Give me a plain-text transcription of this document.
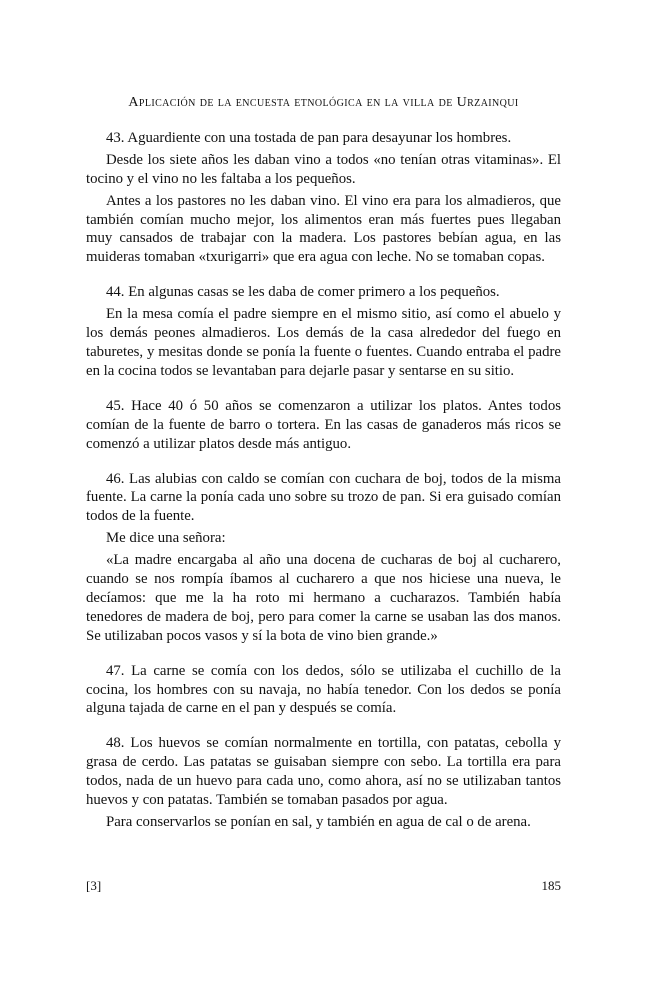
Aplicación de la encuesta etnológica en la villa de Urzainqui

43. Aguardiente con una tostada de pan para desayunar los hombres.

Desde los siete años les daban vino a todos «no tenían otras vitaminas». El tocino y el vino no les faltaba a los pequeños.

Antes a los pastores no les daban vino. El vino era para los almadieros, que también comían mucho mejor, los alimentos eran más fuertes pues llegaban muy cansados de trabajar con la madera. Los pastores bebían agua, en las muideras tomaban «txurigarri» que era agua con leche. No se tomaban copas.

44. En algunas casas se les daba de comer primero a los pequeños.

En la mesa comía el padre siempre en el mismo sitio, así como el abuelo y los demás peones almadieros. Los demás de la casa alrededor del fuego en taburetes, y mesitas donde se ponía la fuente o fuentes. Cuando entraba el padre en la cocina todos se levantaban para dejarle pasar y sentarse en su sitio.

45. Hace 40 ó 50 años se comenzaron a utilizar los platos. Antes todos comían de la fuente de barro o tortera. En las casas de ganaderos más ricos se comenzó a utilizar platos desde más antiguo.

46. Las alubias con caldo se comían con cuchara de boj, todos de la misma fuente. La carne la ponía cada uno sobre su trozo de pan. Si era guisado comían todos de la fuente.

Me dice una señora:

«La madre encargaba al año una docena de cucharas de boj al cucharero, cuando se nos rompía íbamos al cucharero a que nos hiciese una nueva, le decíamos: que me la ha roto mi hermano a cucharazos. También había tenedores de madera de boj, pero para comer la carne se usaban las dos manos. Se utilizaban pocos vasos y sí la bota de vino bien grande.»

47. La carne se comía con los dedos, sólo se utilizaba el cuchillo de la cocina, los hombres con su navaja, no había tenedor. Con los dedos se ponía alguna tajada de carne en el pan y después se comía.

48. Los huevos se comían normalmente en tortilla, con patatas, cebolla y grasa de cerdo. Las patatas se guisaban siempre con sebo. La tortilla era para todos, nada de un huevo para cada uno, como ahora, así no se utilizaban tantos huevos y con patatas. También se tomaban pasados por agua.

Para conservarlos se ponían en sal, y también en agua de cal o de arena.

[3]	185
